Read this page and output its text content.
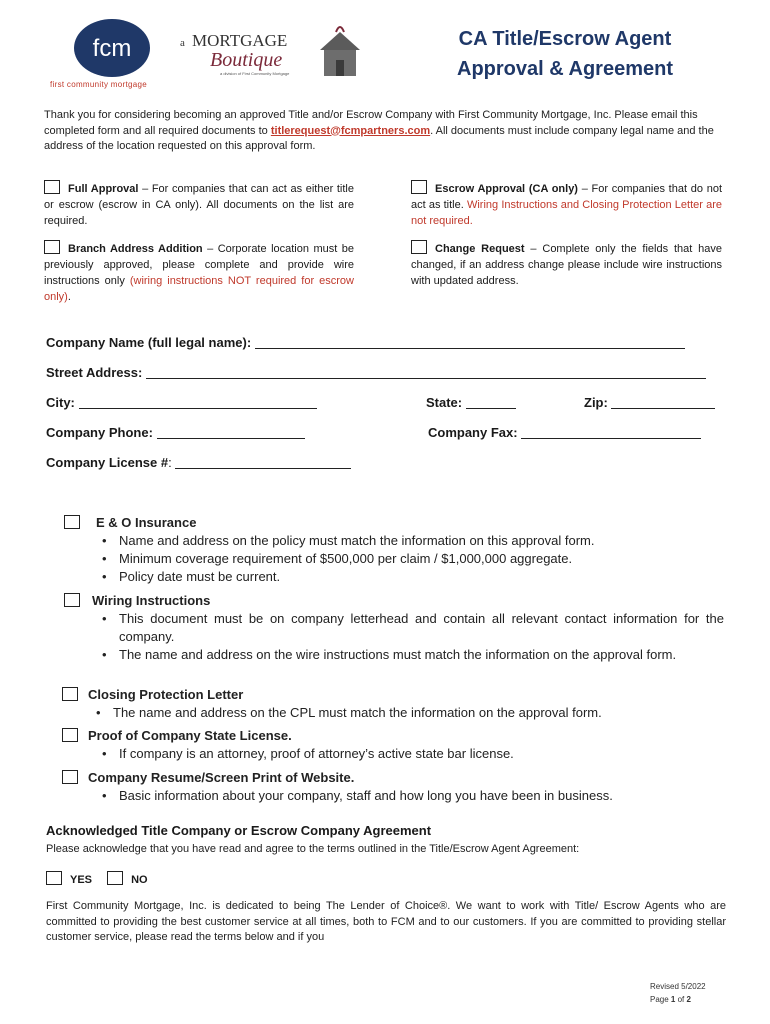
fcm
first community mortgage
a MORTGAGE
Boutique
a division of First Community Mortgage
CA Title/Escrow Agent
Approval & Agreement
Thank you for considering becoming an approved Title and/or Escrow Company with First Community Mortgage, Inc. Please email this completed form and all required documents to titlerequest@fcmpartners.com. All documents must include company legal name and the address of the location requested on this approval form.
Full Approval – For companies that can act as either title or escrow (escrow in CA only). All documents on the list are required.
Escrow Approval (CA only) – For companies that do not act as title. Wiring Instructions and Closing Protection Letter are not required.
Branch Address Addition – Corporate location must be previously approved, please complete and provide wire instructions only (wiring instructions NOT required for escrow only).
Change Request – Complete only the fields that have changed, if an address change please include wire instructions with updated address.
Company Name (full legal name):
Street Address:
City:	State:	Zip:
Company Phone:	Company Fax:
Company License #:
E & O Insurance
• Name and address on the policy must match the information on this approval form.
• Minimum coverage requirement of $500,000 per claim / $1,000,000 aggregate.
• Policy date must be current.
Wiring Instructions
• This document must be on company letterhead and contain all relevant contact information for the company.
• The name and address on the wire instructions must match the information on the approval form.
Closing Protection Letter
• The name and address on the CPL must match the information on the approval form.
Proof of Company State License.
• If company is an attorney, proof of attorney’s active state bar license.
Company Resume/Screen Print of Website.
• Basic information about your company, staff and how long you have been in business.
Acknowledged Title Company or Escrow Company Agreement
Please acknowledge that you have read and agree to the terms outlined in the Title/Escrow Agent Agreement:
YES	NO
First Community Mortgage, Inc. is dedicated to being The Lender of Choice®. We want to work with Title/ Escrow Agents who are committed to providing the best customer service at all times, both to FCM and to our customers. If you are committed to providing stellar customer service, please read the terms below and if you
Revised 5/2022
Page 1 of 2
